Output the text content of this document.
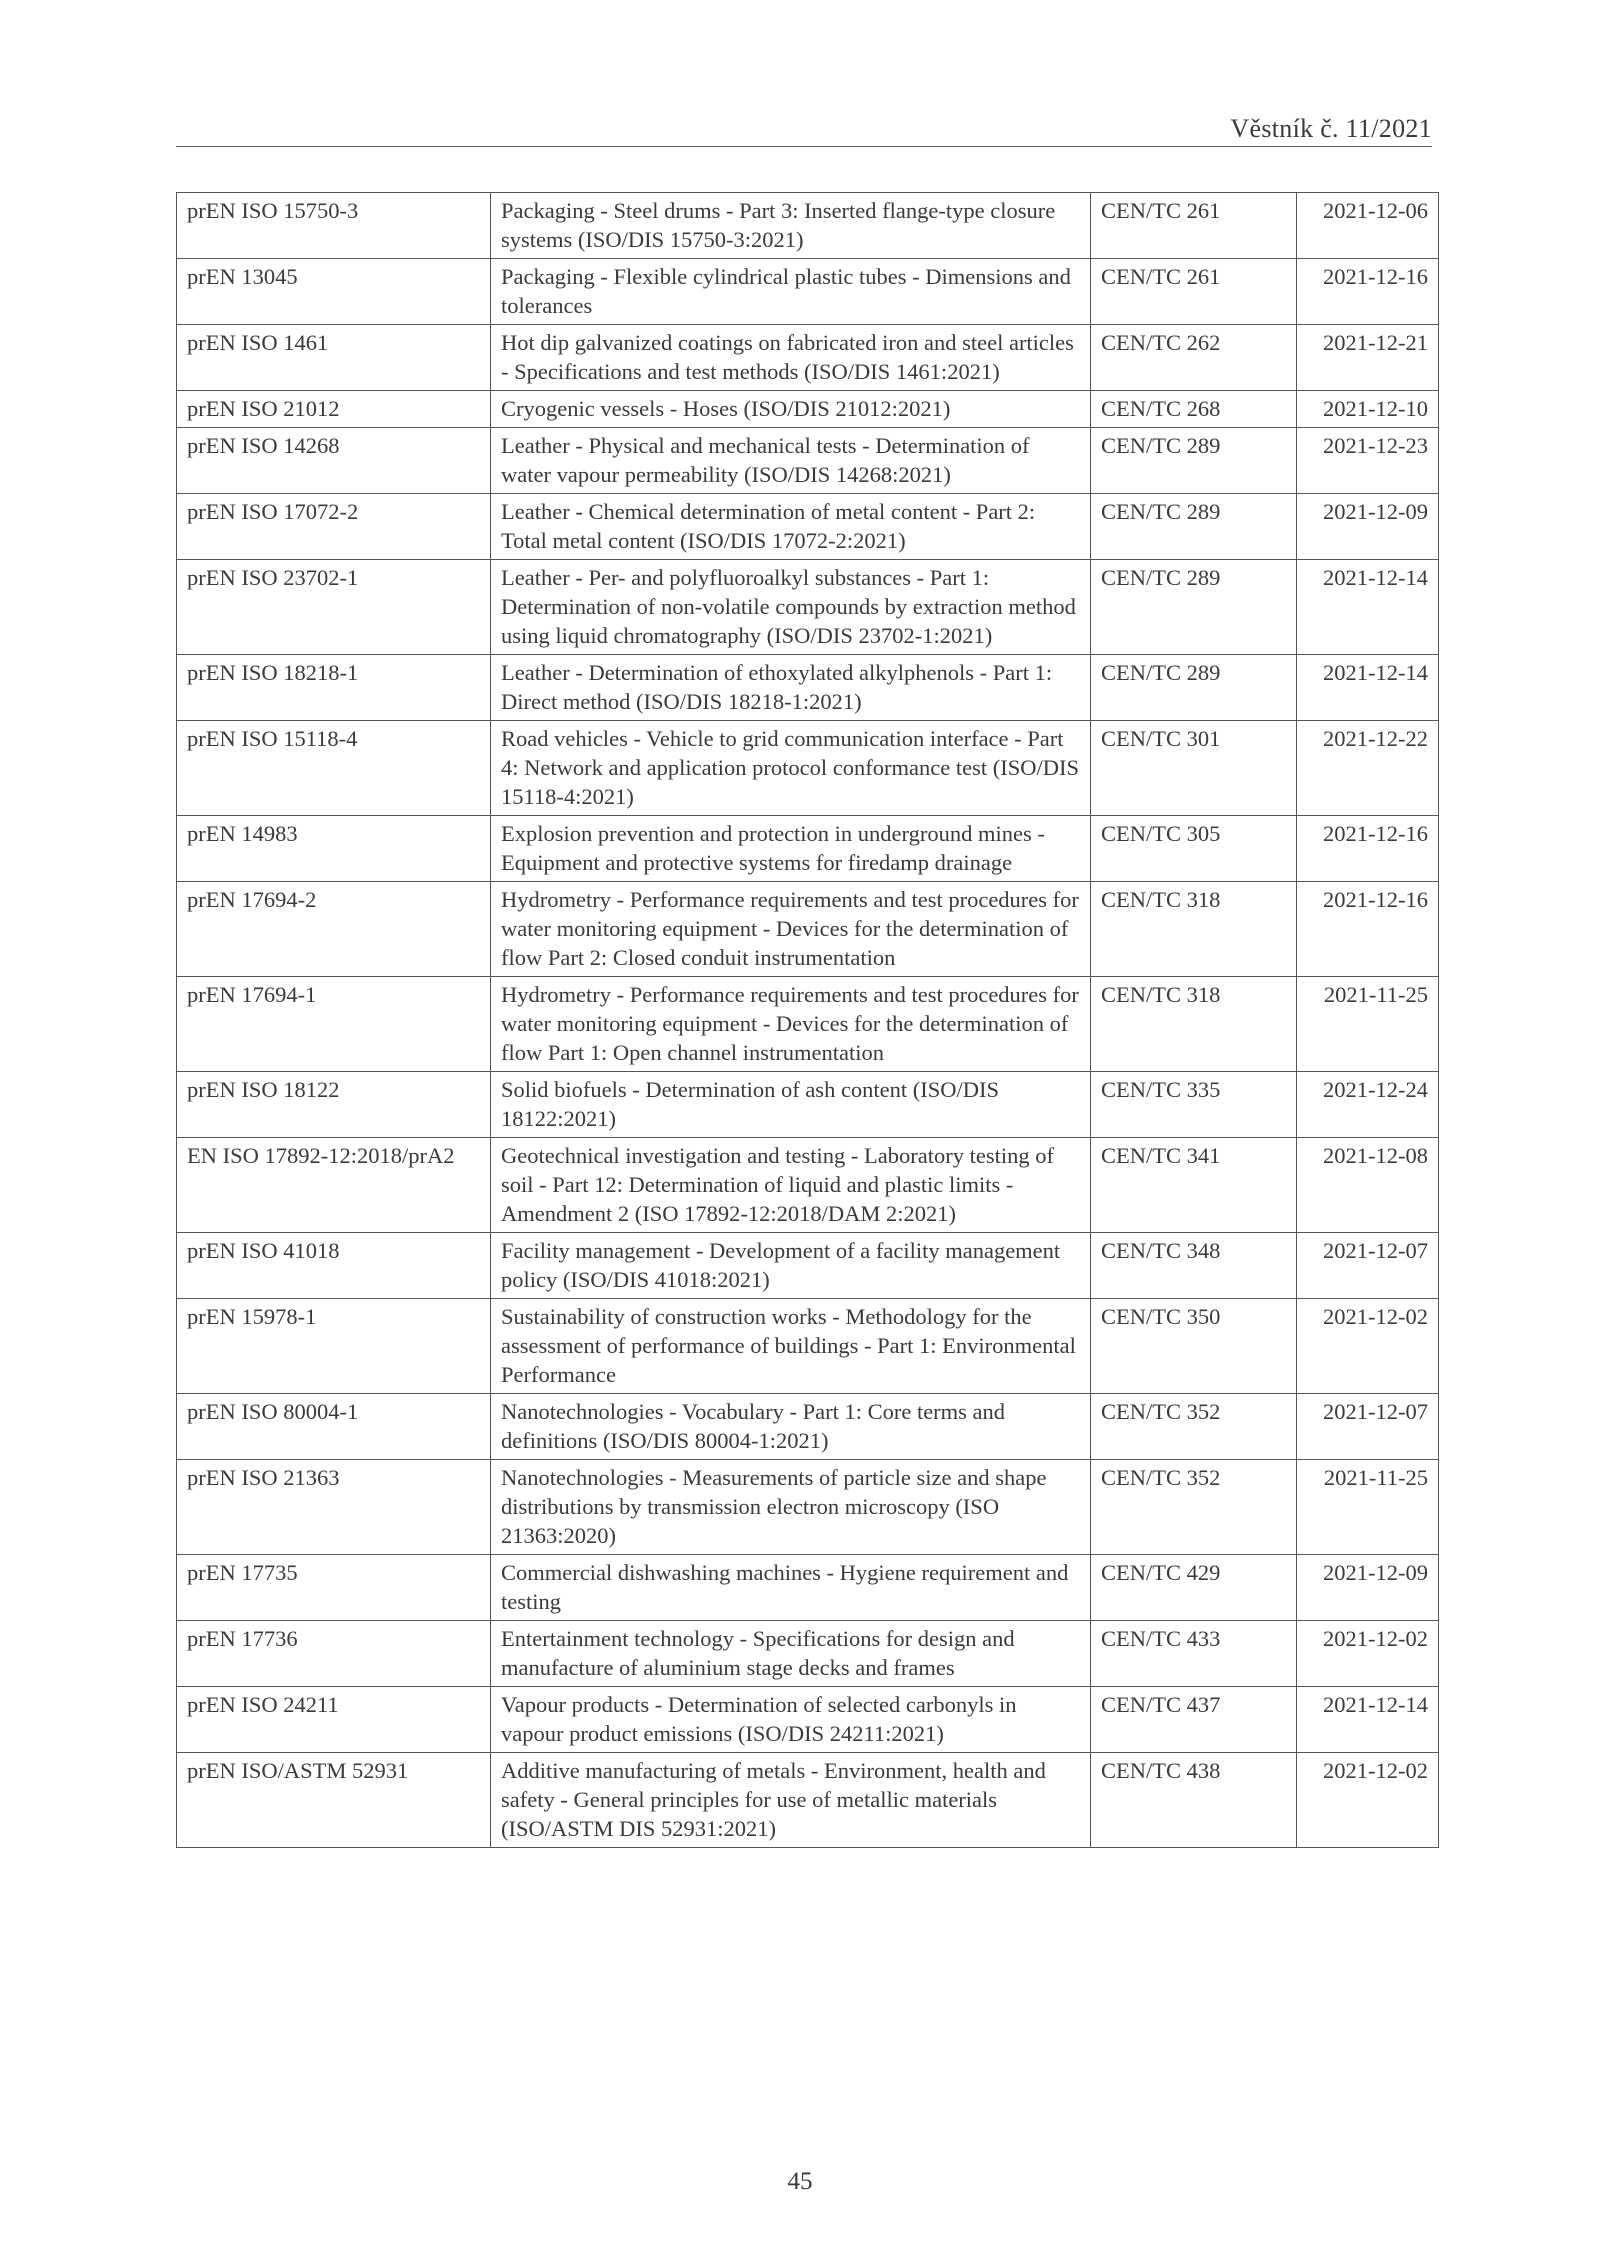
Věstník č. 11/2021
prEN ISO 15750-3	Packaging - Steel drums - Part 3: Inserted flange-type closure systems (ISO/DIS 15750-3:2021)	CEN/TC 261	2021-12-06
prEN 13045	Packaging - Flexible cylindrical plastic tubes - Dimensions and tolerances	CEN/TC 261	2021-12-16
prEN ISO 1461	Hot dip galvanized coatings on fabricated iron and steel articles - Specifications and test methods (ISO/DIS 1461:2021)	CEN/TC 262	2021-12-21
prEN ISO 21012	Cryogenic vessels - Hoses (ISO/DIS 21012:2021)	CEN/TC 268	2021-12-10
prEN ISO 14268	Leather - Physical and mechanical tests - Determination of water vapour permeability (ISO/DIS 14268:2021)	CEN/TC 289	2021-12-23
prEN ISO 17072-2	Leather - Chemical determination of metal content - Part 2: Total metal content (ISO/DIS 17072-2:2021)	CEN/TC 289	2021-12-09
prEN ISO 23702-1	Leather - Per- and polyfluoroalkyl substances - Part 1: Determination of non-volatile compounds by extraction method using liquid chromatography (ISO/DIS 23702-1:2021)	CEN/TC 289	2021-12-14
prEN ISO 18218-1	Leather - Determination of ethoxylated alkylphenols - Part 1: Direct method (ISO/DIS 18218-1:2021)	CEN/TC 289	2021-12-14
prEN ISO 15118-4	Road vehicles - Vehicle to grid communication interface - Part 4: Network and application protocol conformance test (ISO/DIS 15118-4:2021)	CEN/TC 301	2021-12-22
prEN 14983	Explosion prevention and protection in underground mines - Equipment and protective systems for firedamp drainage	CEN/TC 305	2021-12-16
prEN 17694-2	Hydrometry - Performance requirements and test procedures for water monitoring equipment - Devices for the determination of flow Part 2: Closed conduit instrumentation	CEN/TC 318	2021-12-16
prEN 17694-1	Hydrometry - Performance requirements and test procedures for water monitoring equipment - Devices for the determination of flow Part 1: Open channel instrumentation	CEN/TC 318	2021-11-25
prEN ISO 18122	Solid biofuels - Determination of ash content (ISO/DIS 18122:2021)	CEN/TC 335	2021-12-24
EN ISO 17892-12:2018/prA2	Geotechnical investigation and testing - Laboratory testing of soil - Part 12: Determination of liquid and plastic limits - Amendment 2 (ISO 17892-12:2018/DAM 2:2021)	CEN/TC 341	2021-12-08
prEN ISO 41018	Facility management - Development of a facility management policy (ISO/DIS 41018:2021)	CEN/TC 348	2021-12-07
prEN 15978-1	Sustainability of construction works - Methodology for the assessment of performance of buildings - Part 1: Environmental Performance	CEN/TC 350	2021-12-02
prEN ISO 80004-1	Nanotechnologies - Vocabulary - Part 1: Core terms and definitions (ISO/DIS 80004-1:2021)	CEN/TC 352	2021-12-07
prEN ISO 21363	Nanotechnologies - Measurements of particle size and shape distributions by transmission electron microscopy (ISO 21363:2020)	CEN/TC 352	2021-11-25
prEN 17735	Commercial dishwashing machines - Hygiene requirement and testing	CEN/TC 429	2021-12-09
prEN 17736	Entertainment technology - Specifications for design and manufacture of aluminium stage decks and frames	CEN/TC 433	2021-12-02
prEN ISO 24211	Vapour products - Determination of selected carbonyls in vapour product emissions (ISO/DIS 24211:2021)	CEN/TC 437	2021-12-14
prEN ISO/ASTM 52931	Additive manufacturing of metals - Environment, health and safety - General principles for use of metallic materials (ISO/ASTM DIS 52931:2021)	CEN/TC 438	2021-12-02
45
